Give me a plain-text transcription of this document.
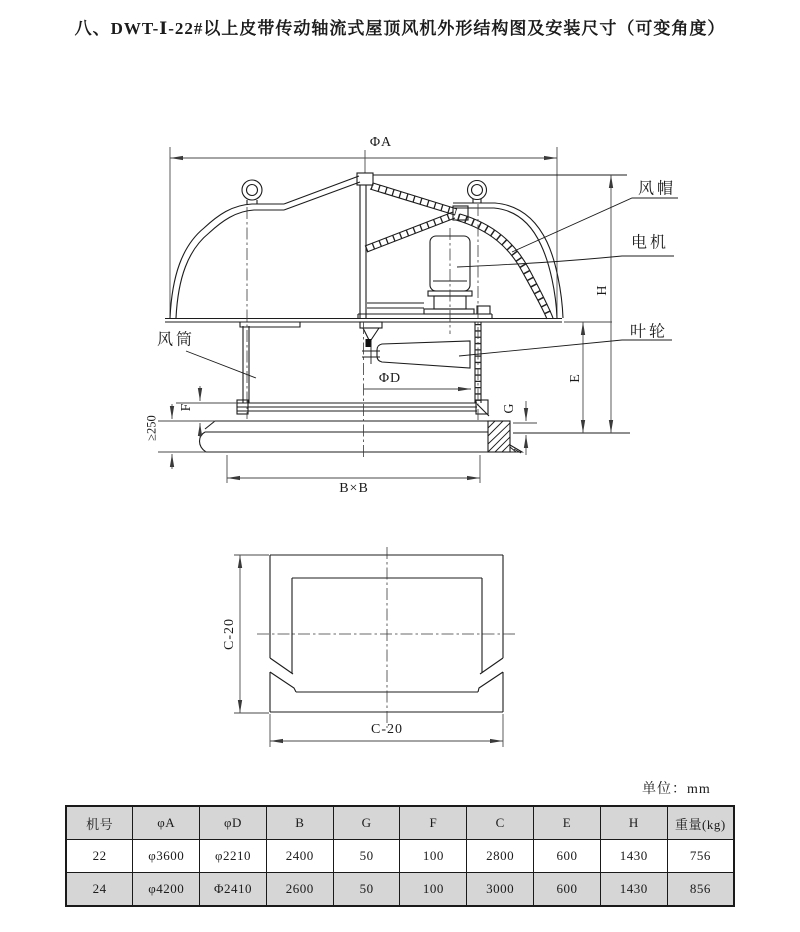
八、DWT-Ⅰ-22#以上皮带传动轴流式屋顶风机外形结构图及安装尺寸（可变角度）
ΦA
ΦD
H
E
F	G
≥250
B×B
C-20
C-20
风帽
电机
叶轮
风筒
单位：mm
机号	φA	φD	B	G	F	C	E	H	重量(kg)
22	φ3600	φ2210	2400	50	100	2800	600	1430	756
24	φ4200	Φ2410	2600	50	100	3000	600	1430	856
